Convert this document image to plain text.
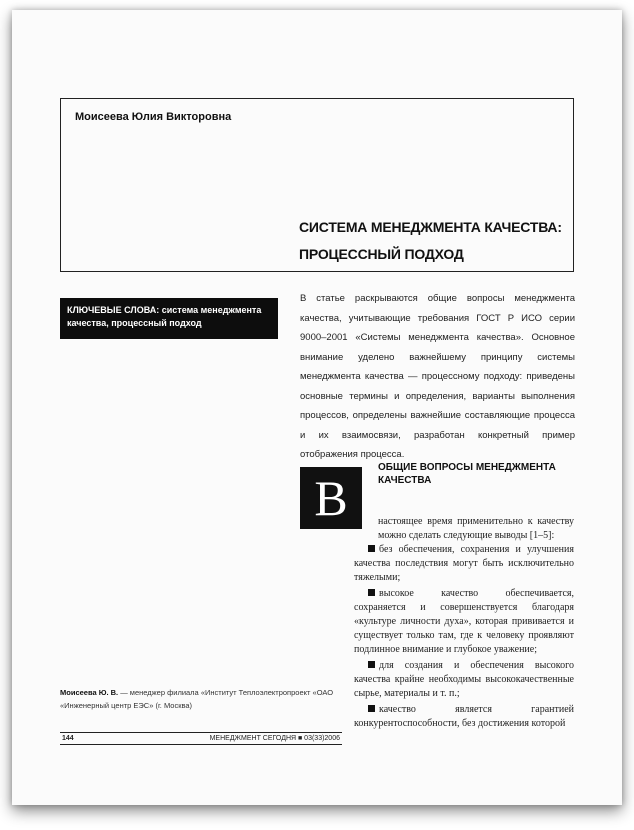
Моисеева Юлия Викторовна
СИСТЕМА МЕНЕДЖМЕНТА КАЧЕСТВА:
ПРОЦЕССНЫЙ ПОДХОД
КЛЮЧЕВЫЕ СЛОВА: система менеджмента качества, процессный подход
В статье раскрываются общие вопросы менеджмента качества, учитывающие требования ГОСТ Р ИСО серии 9000–2001 «Системы менеджмента качества». Основное внимание уделено важнейшему принципу системы менеджмента качества — процессному подходу: приведены основные термины и определения, варианты выполнения процессов, определены важнейшие составляющие процесса и их взаимосвязи, разработан конкретный пример отображения процесса.
В
ОБЩИЕ ВОПРОСЫ МЕНЕДЖМЕНТА КАЧЕСТВА
настоящее время применительно к качеству можно сделать следующие выводы [1–5]:

без обеспечения, сохранения и улучшения качества последствия могут быть исключительно тяжелыми;

высокое качество обеспечивается, сохраняется и совершенствуется благодаря «культуре личности духа», которая прививается и существует только там, где к человеку проявляют подлинное внимание и глубокое уважение;

для создания и обеспечения высокого качества крайне необходимы высококачественные сырье, материалы и т. п.;

качество является гарантией конкурентоспособности, без достижения которой

Моисеева Ю. В. — менеджер филиала «Институт Теплоэлектропроект «ОАО «Инженерный центр ЕЭС» (г. Москва)
144	МЕНЕДЖМЕНТ СЕГОДНЯ ■ 03(33)2006
